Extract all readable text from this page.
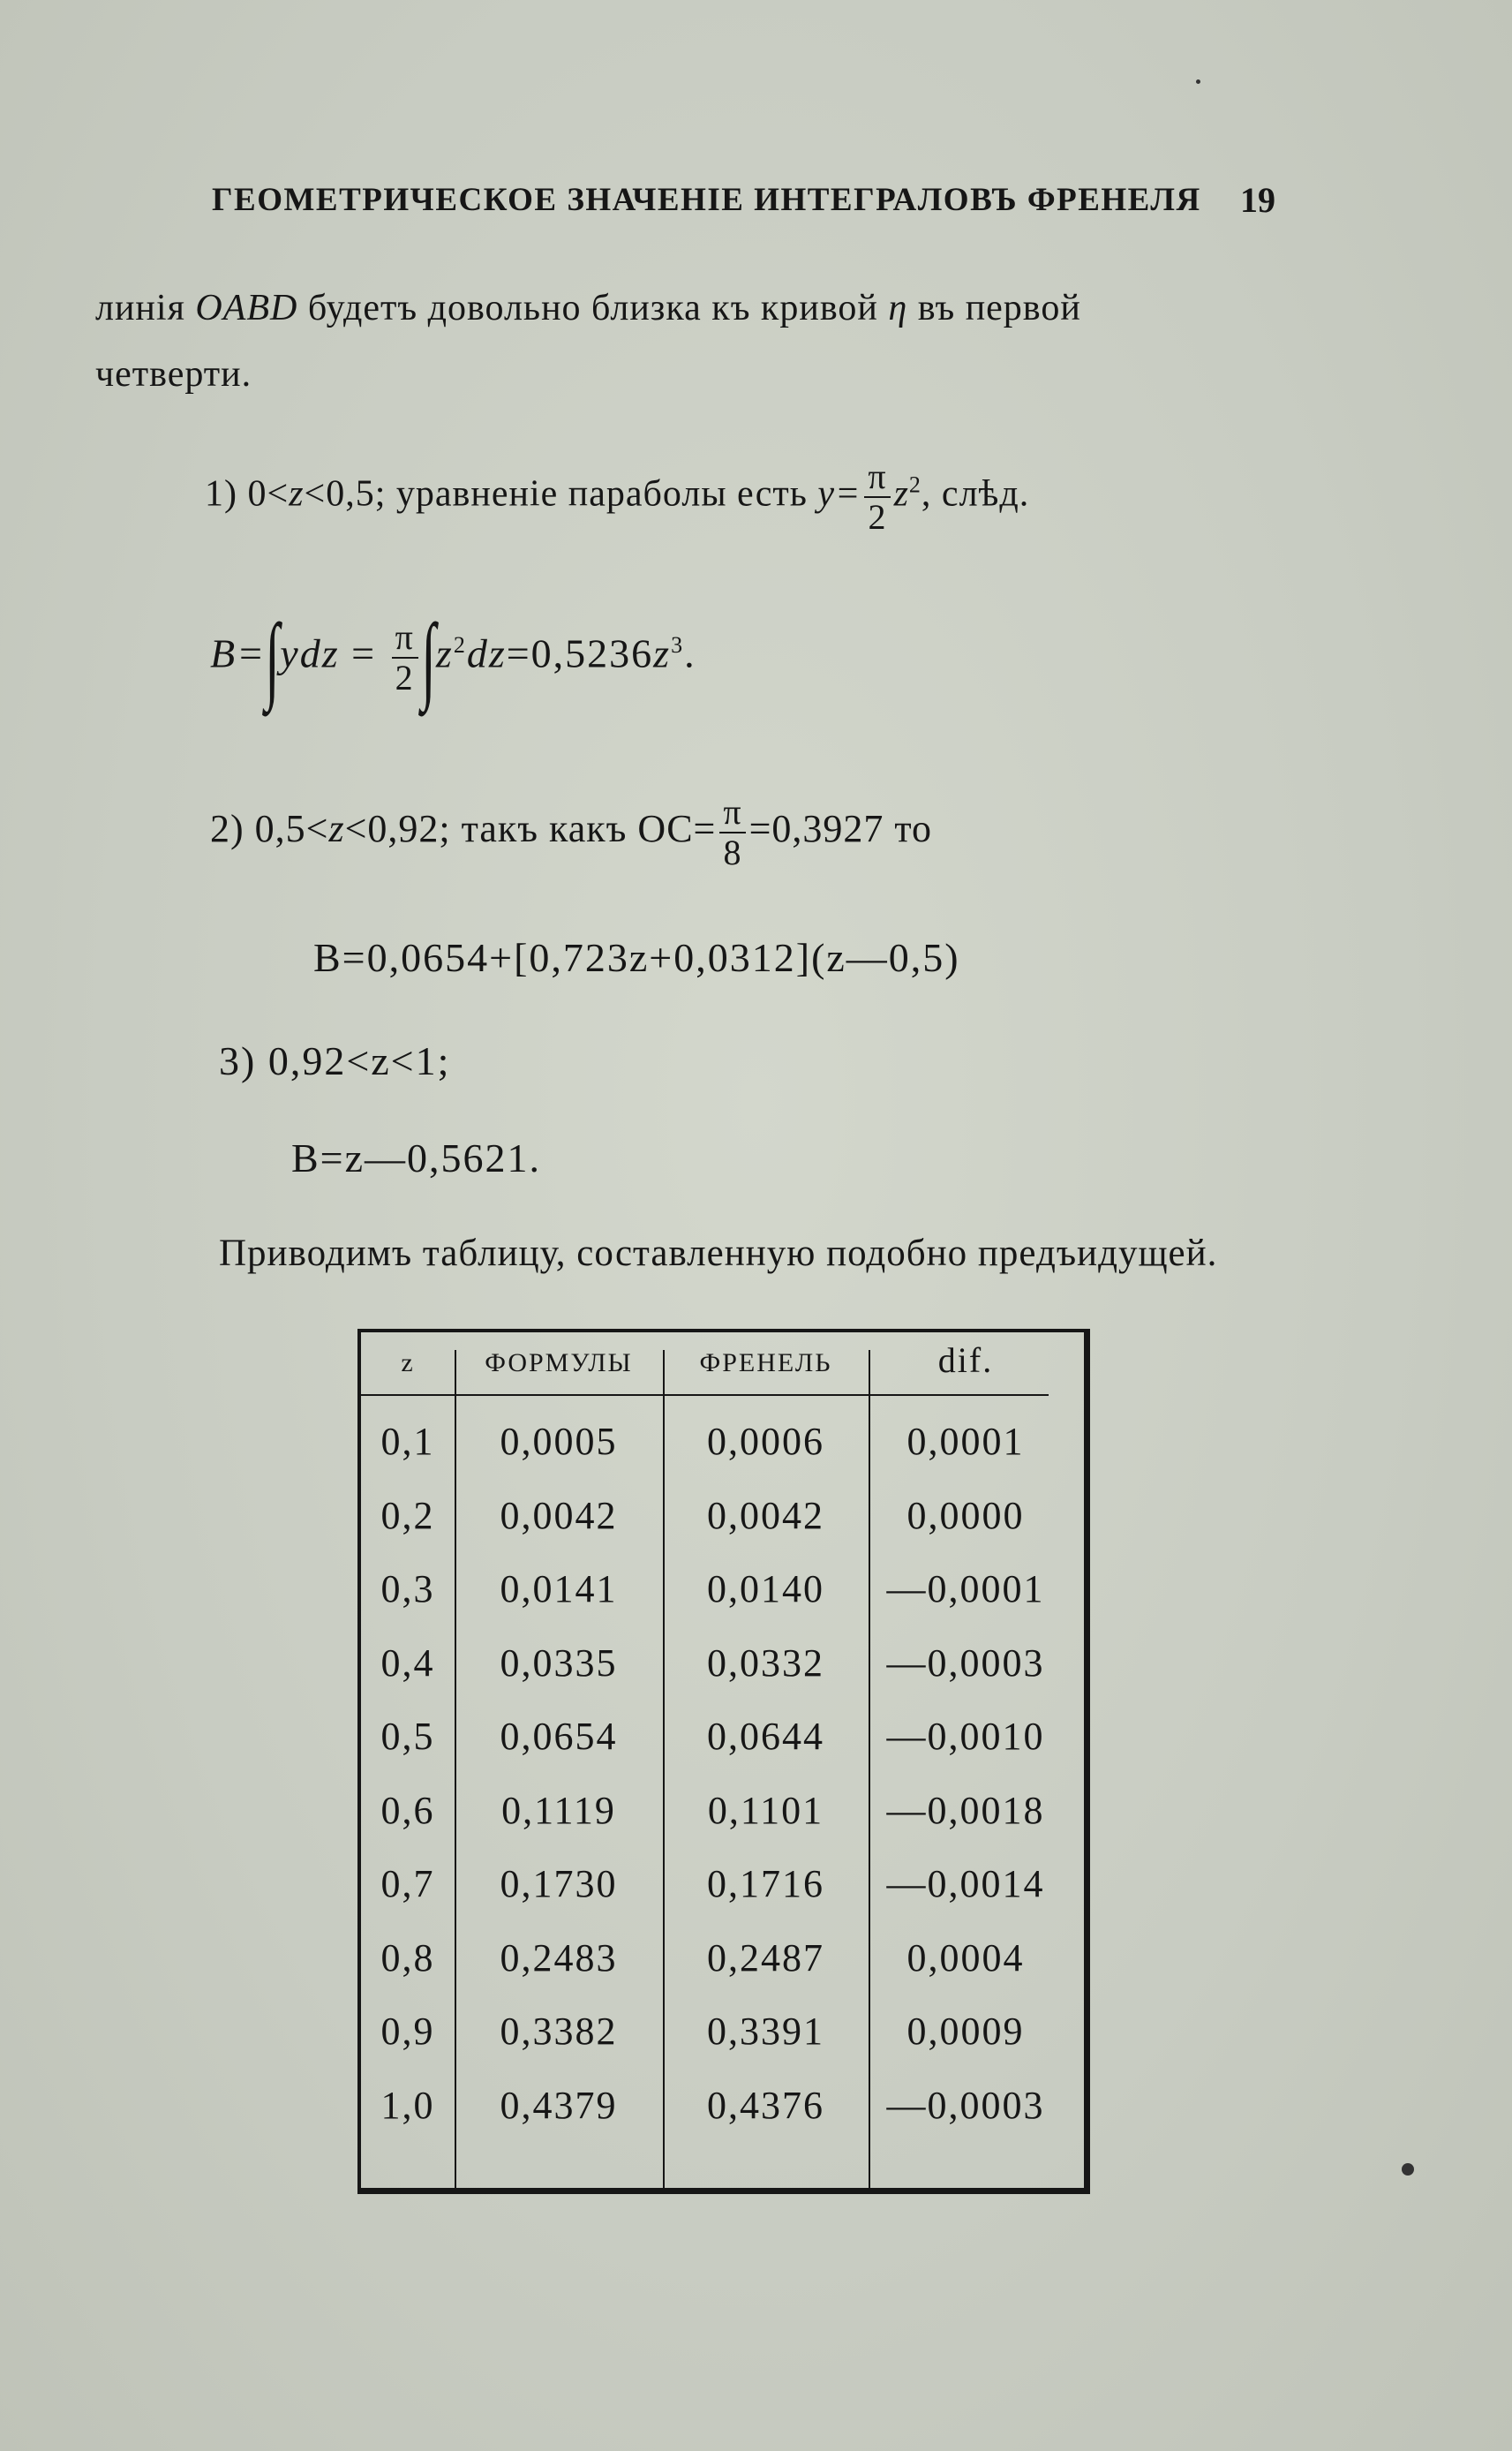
ГЕОМЕТРИЧЕСКОЕ ЗНАЧЕНІЕ ИНТЕГРАЛОВЪ ФРЕНЕЛЯ 19
линія OABD будетъ довольно близка къ кривой η въ первой
четверти.
1) 0<z<0,5; уравненіе параболы есть $y= \frac{\pi}{2} z^2$, слѣд.
$B=\int ydz = \frac{\pi}{2} \int z^2dz=0,5236z^3$.
2) 0,5<z<0,92; такъ какъ $OC= \frac{\pi}{8} =0,3927$ то
B=0,0654+[0,723z+0,0312](z—0,5)
3) 0,92<z<1;
B=z—0,5621.
Приводимъ таблицу, составленную подобно предъидущей.
z	ФОРМУЛЫ	ФРЕНЕЛЬ	dif.
0,1	0,0005	0,0006	0,0001
0,2	0,0042	0,0042	0,0000
0,3	0,0141	0,0140	—0,0001
0,4	0,0335	0,0332	—0,0003
0,5	0,0654	0,0644	—0,0010
0,6	0,1119	0,1101	—0,0018
0,7	0,1730	0,1716	—0,0014
0,8	0,2483	0,2487	0,0004
0,9	0,3382	0,3391	0,0009
1,0	0,4379	0,4376	—0,0003
